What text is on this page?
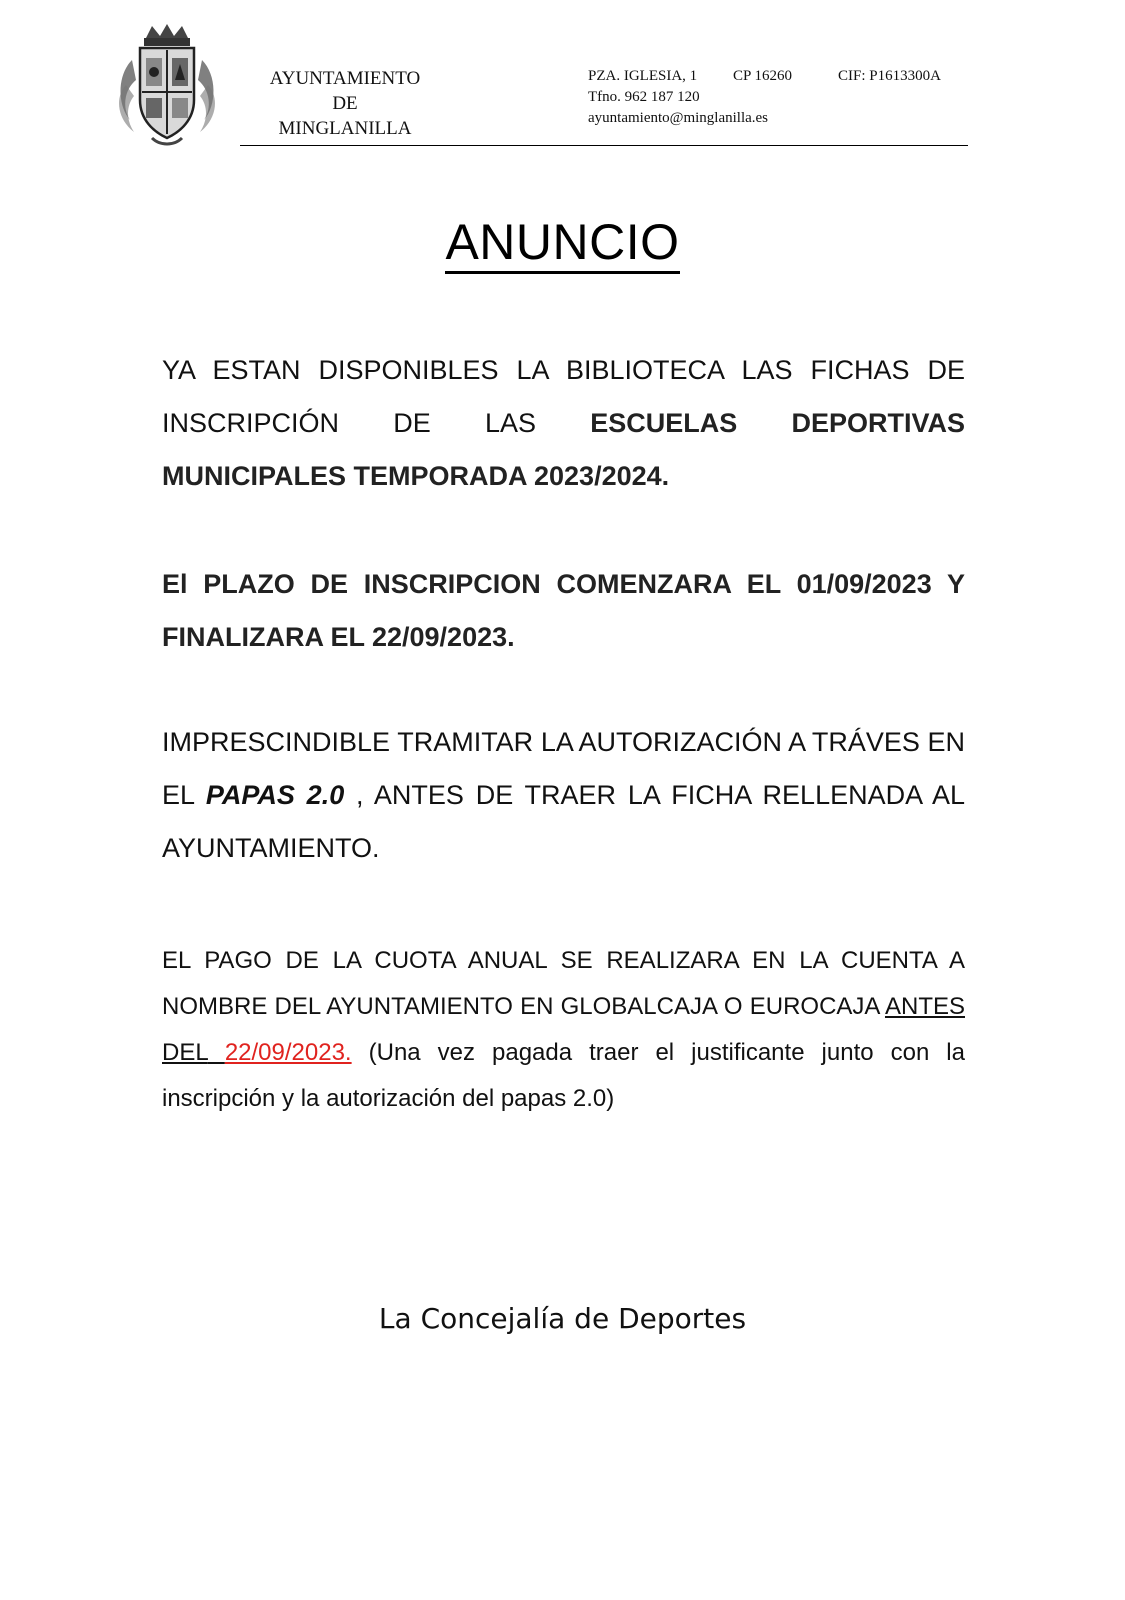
AYUNTAMIENTO
DE
MINGLANILLA
PZA. IGLESIA, 1	CP 16260	CIF: P1613300A
Tfno. 962 187 120
ayuntamiento@minglanilla.es
ANUNCIO
YA ESTAN DISPONIBLES LA BIBLIOTECA LAS FICHAS DE INSCRIPCIÓN DE LAS ESCUELAS DEPORTIVAS MUNICIPALES TEMPORADA 2023/2024.
El PLAZO DE INSCRIPCION COMENZARA EL 01/09/2023 Y FINALIZARA EL 22/09/2023.
IMPRESCINDIBLE TRAMITAR LA AUTORIZACIÓN A TRÁVES EN EL PAPAS 2.0 , ANTES DE TRAER LA FICHA RELLENADA AL AYUNTAMIENTO.
EL PAGO DE LA CUOTA ANUAL SE REALIZARA EN LA CUENTA A NOMBRE DEL AYUNTAMIENTO EN GLOBALCAJA O EUROCAJA ANTES DEL 22/09/2023. (Una vez pagada traer el justificante junto con la inscripción y la autorización del papas 2.0)
La Concejalía de Deportes
